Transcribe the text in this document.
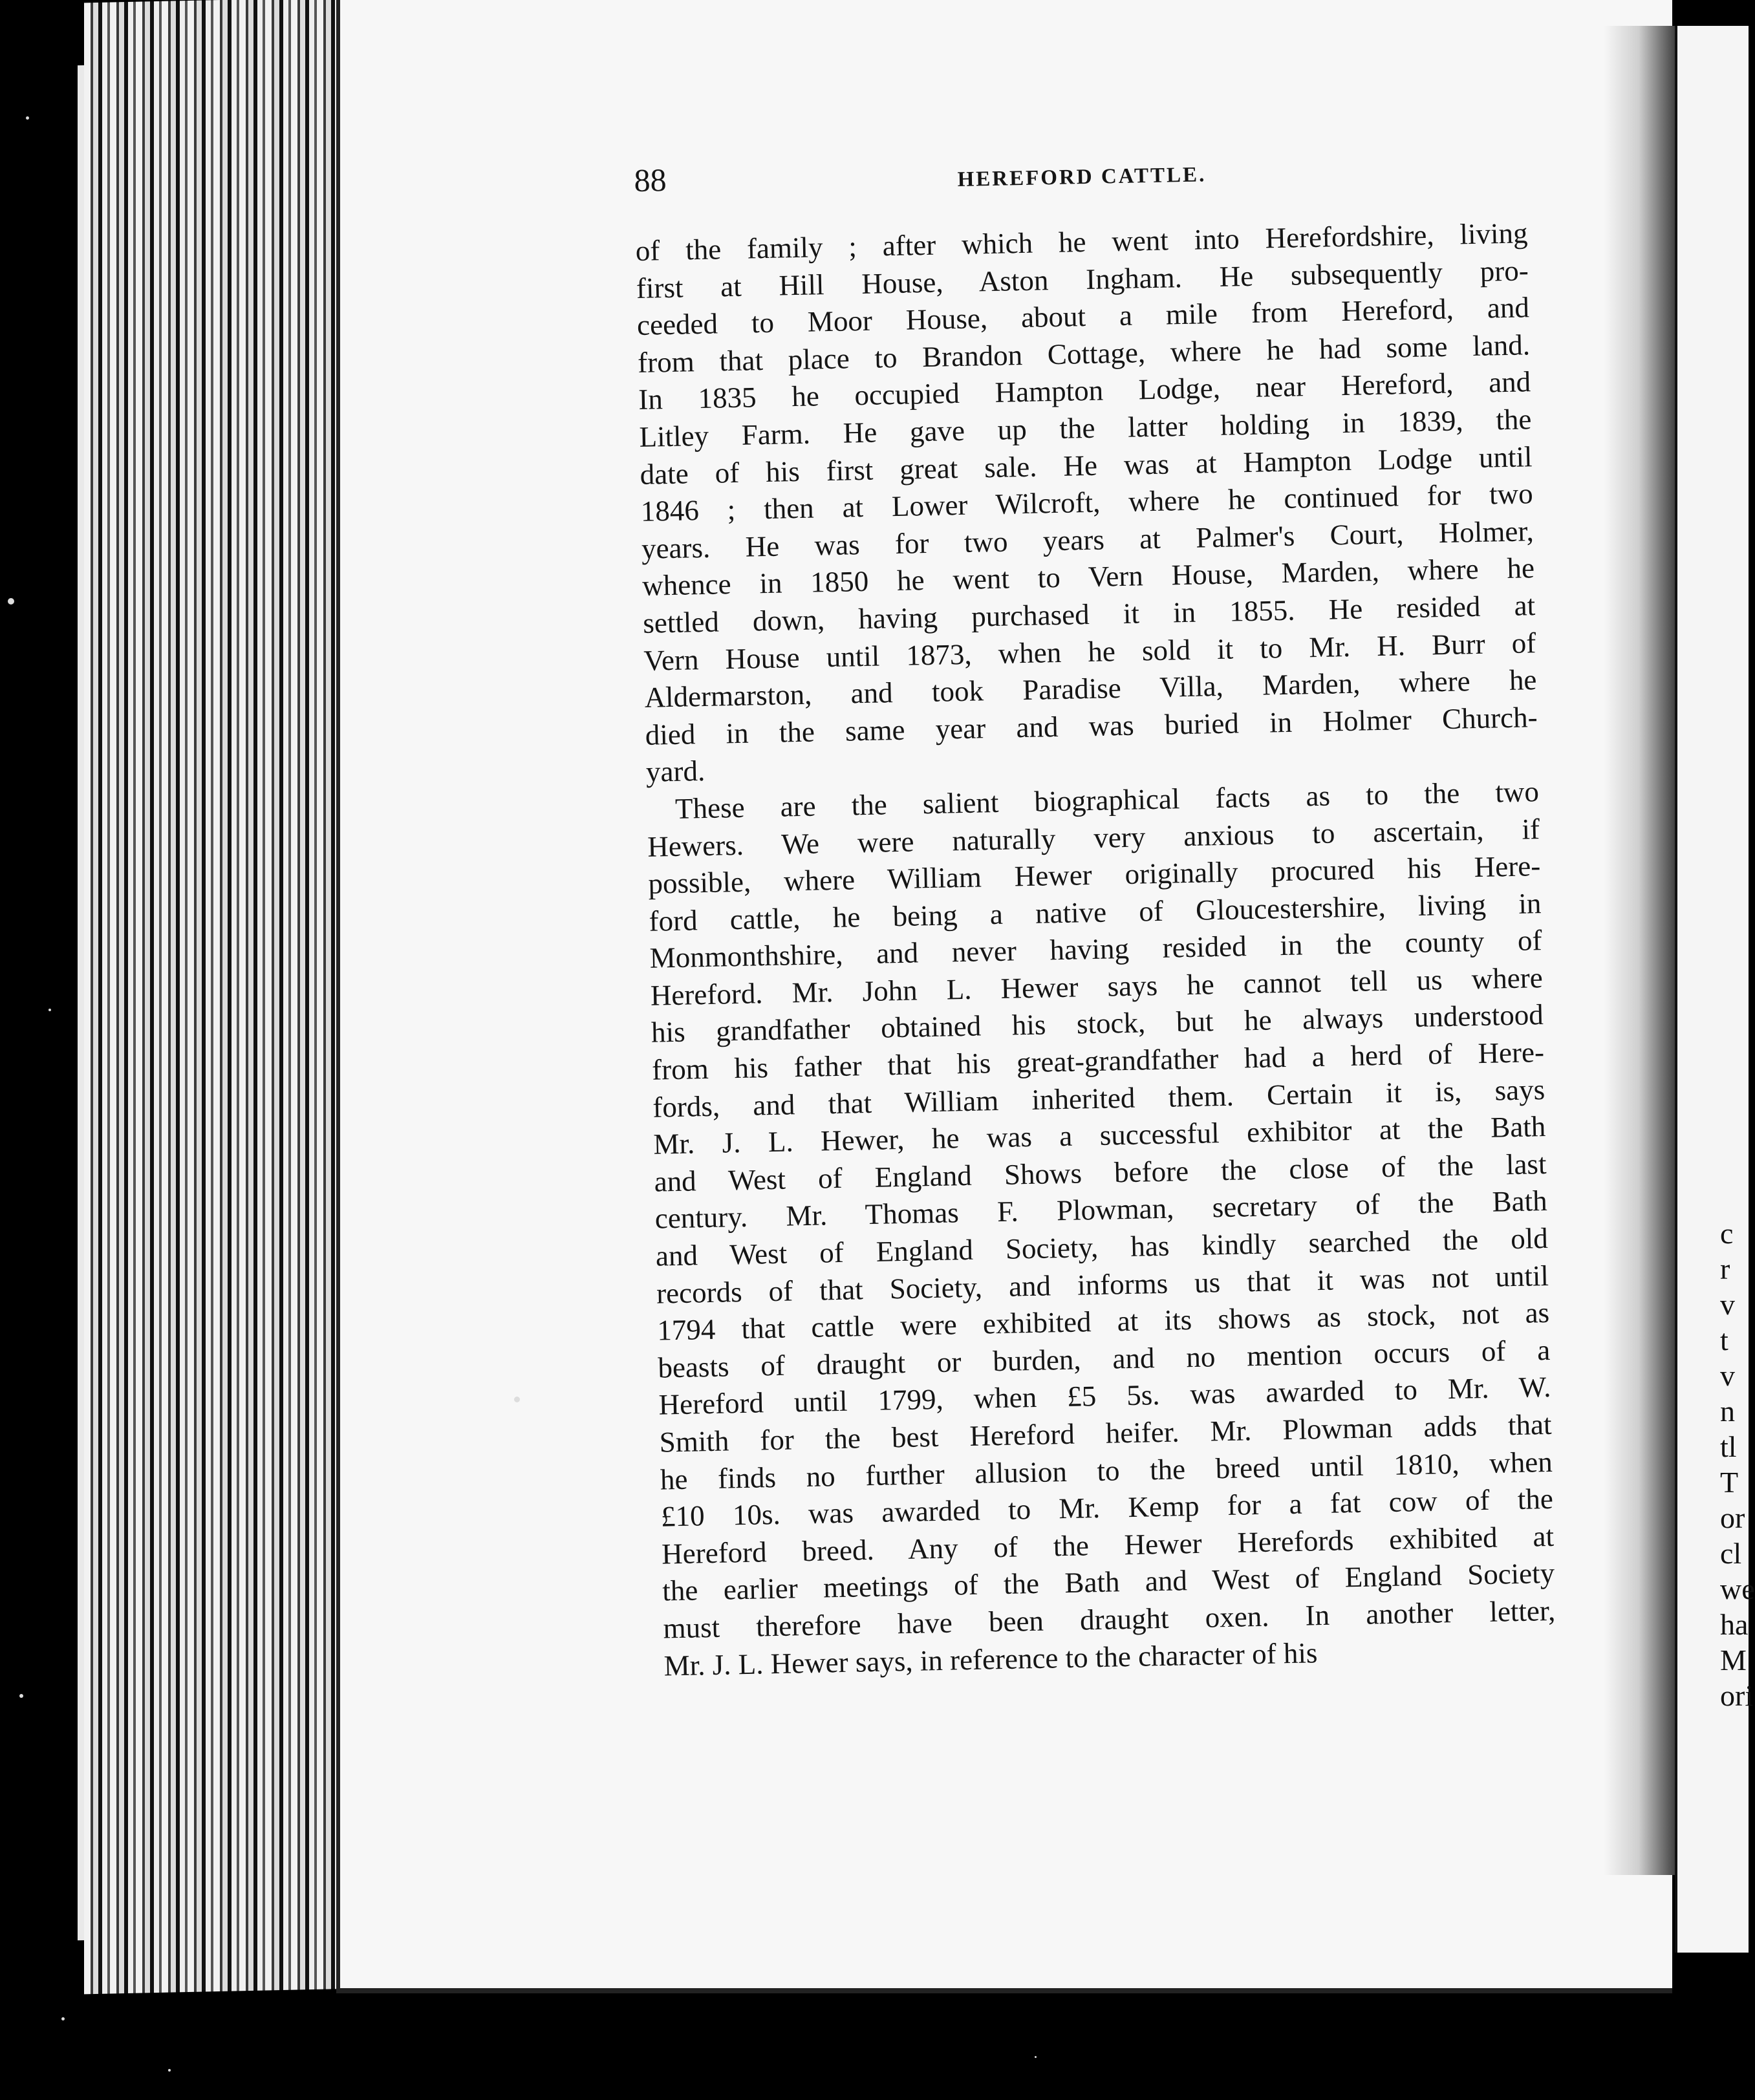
c
r
v
t
v
n
tl
T
or
cl
we
ha
M
ori
88	HEREFORD CATTLE.
of the family ; after which he went into Herefordshire, living
first at Hill House, Aston Ingham. He subsequently pro-
ceeded to Moor House, about a mile from Hereford, and
from that place to Brandon Cottage, where he had some land.
In 1835 he occupied Hampton Lodge, near Hereford, and
Litley Farm. He gave up the latter holding in 1839, the
date of his first great sale. He was at Hampton Lodge until
1846 ; then at Lower Wilcroft, where he continued for two
years. He was for two years at Palmer's Court, Holmer,
whence in 1850 he went to Vern House, Marden, where he
settled down, having purchased it in 1855. He resided at
Vern House until 1873, when he sold it to Mr. H. Burr of
Aldermarston, and took Paradise Villa, Marden, where he
died in the same year and was buried in Holmer Church-
yard.
These are the salient biographical facts as to the two
Hewers. We were naturally very anxious to ascertain, if
possible, where William Hewer originally procured his Here-
ford cattle, he being a native of Gloucestershire, living in
Monmonthshire, and never having resided in the county of
Hereford. Mr. John L. Hewer says he cannot tell us where
his grandfather obtained his stock, but he always understood
from his father that his great-grandfather had a herd of Here-
fords, and that William inherited them. Certain it is, says
Mr. J. L. Hewer, he was a successful exhibitor at the Bath
and West of England Shows before the close of the last
century. Mr. Thomas F. Plowman, secretary of the Bath
and West of England Society, has kindly searched the old
records of that Society, and informs us that it was not until
1794 that cattle were exhibited at its shows as stock, not as
beasts of draught or burden, and no mention occurs of a
Hereford until 1799, when £5 5s. was awarded to Mr. W.
Smith for the best Hereford heifer. Mr. Plowman adds that
he finds no further allusion to the breed until 1810, when
£10 10s. was awarded to Mr. Kemp for a fat cow of the
Hereford breed. Any of the Hewer Herefords exhibited at
the earlier meetings of the Bath and West of England Society
must therefore have been draught oxen. In another letter,
Mr. J. L. Hewer says, in reference to the character of his
